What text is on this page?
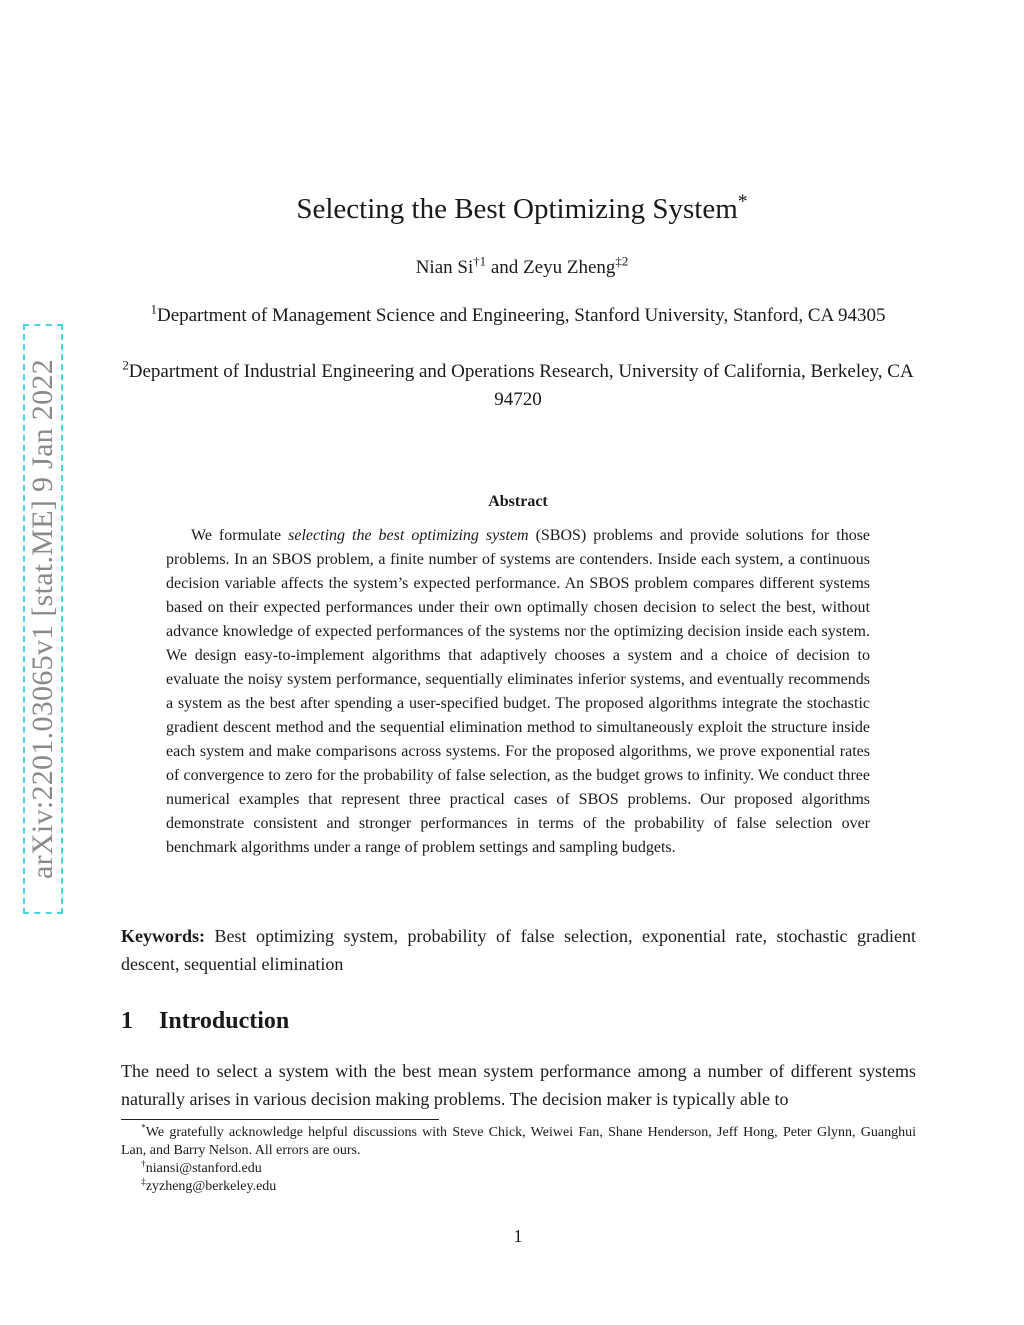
arXiv:2201.03065v1 [stat.ME] 9 Jan 2022
Selecting the Best Optimizing System*
Nian Si$^{\dagger 1}$ and Zeyu Zheng$^{\ddagger 2}$
$^1$Department of Management Science and Engineering, Stanford University, Stanford, CA 94305
$^2$Department of Industrial Engineering and Operations Research, University of California, Berkeley, CA 94720
Abstract
We formulate selecting the best optimizing system (SBOS) problems and provide solutions for those problems. In an SBOS problem, a finite number of systems are contenders. Inside each system, a continuous decision variable affects the system’s expected performance. An SBOS problem compares different systems based on their expected performances under their own optimally chosen decision to select the best, without advance knowledge of expected performances of the systems nor the optimizing decision inside each system. We design easy-to-implement algorithms that adaptively chooses a system and a choice of decision to evaluate the noisy system performance, sequentially eliminates inferior systems, and eventually recommends a system as the best after spending a user-specified budget. The proposed algorithms integrate the stochastic gradient descent method and the sequential elimination method to simultaneously exploit the structure inside each system and make comparisons across systems. For the proposed algorithms, we prove exponential rates of convergence to zero for the probability of false selection, as the budget grows to infinity. We conduct three numerical examples that represent three practical cases of SBOS problems. Our proposed algorithms demonstrate consistent and stronger performances in terms of the probability of false selection over benchmark algorithms under a range of problem settings and sampling budgets.
Keywords: Best optimizing system, probability of false selection, exponential rate, stochastic gradient descent, sequential elimination
1 Introduction
The need to select a system with the best mean system performance among a number of different systems naturally arises in various decision making problems. The decision maker is typically able to
*We gratefully acknowledge helpful discussions with Steve Chick, Weiwei Fan, Shane Henderson, Jeff Hong, Peter Glynn, Guanghui Lan, and Barry Nelson. All errors are ours.
†niansi@stanford.edu
‡zyzheng@berkeley.edu
1
